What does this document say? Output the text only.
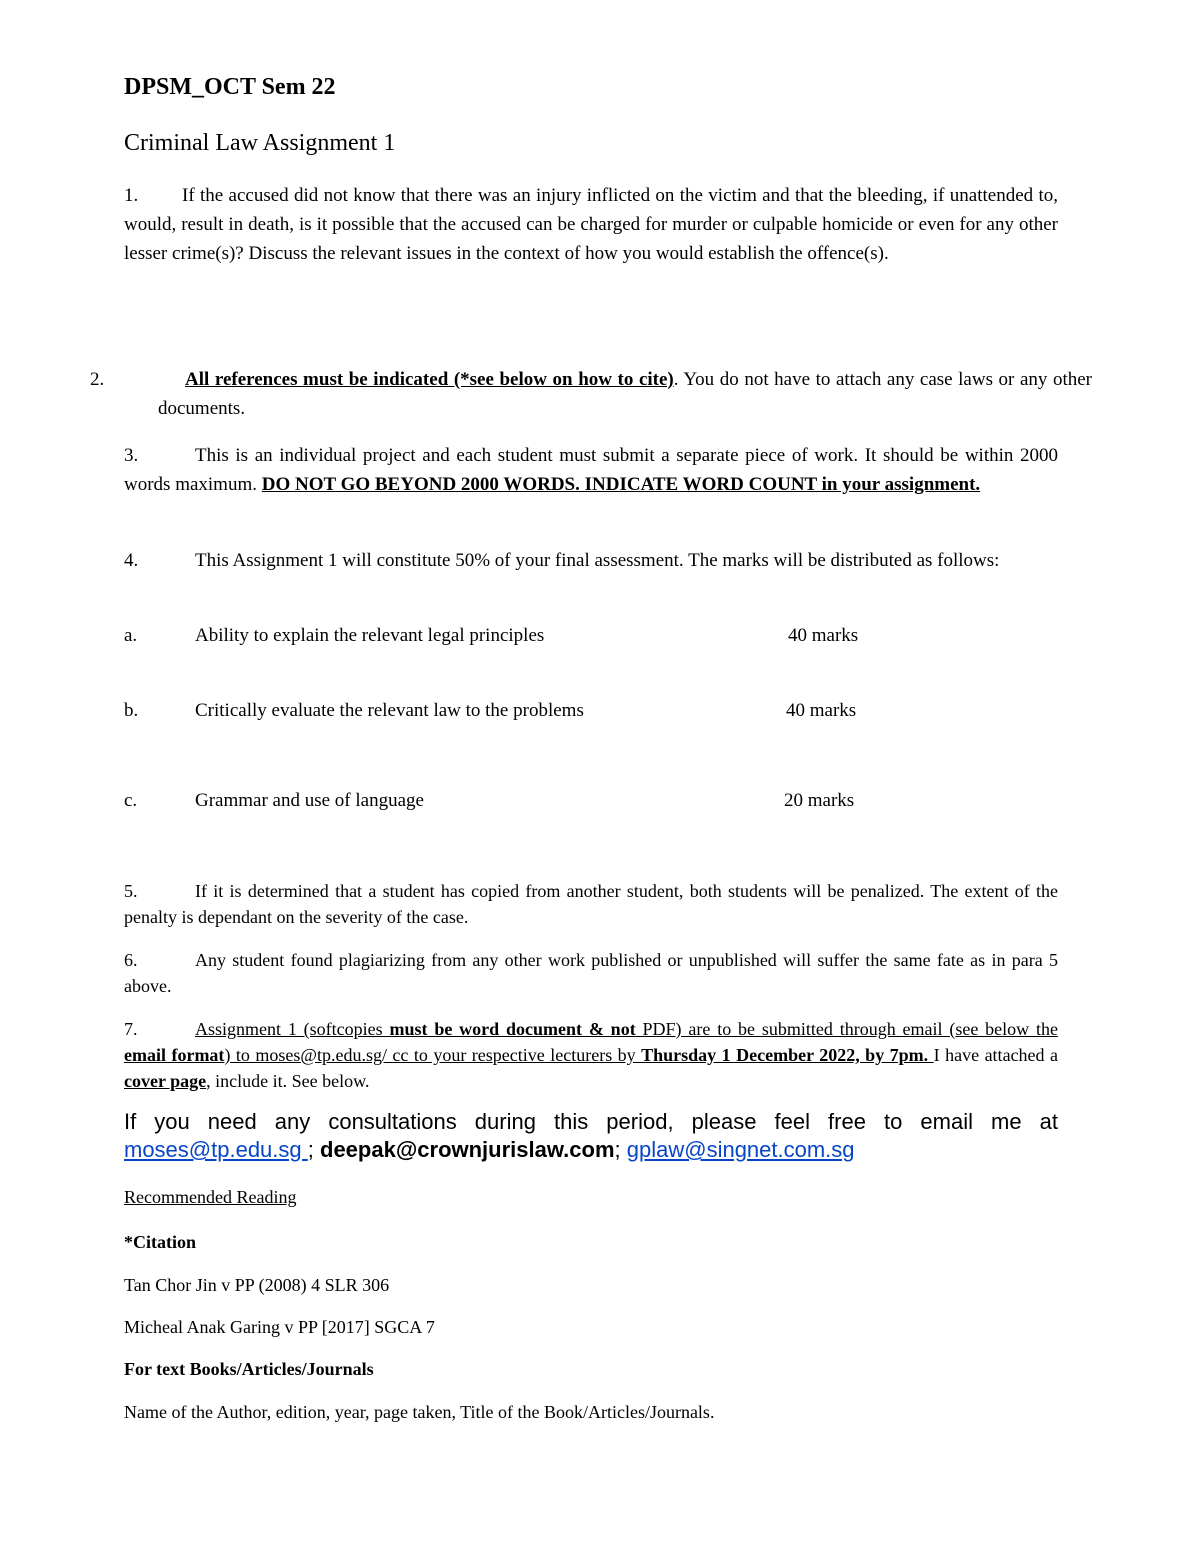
DPSM_OCT Sem 22
Criminal Law Assignment 1
1. If the accused did not know that there was an injury inflicted on the victim and that the bleeding, if unattended to, would, result in death, is it possible that the accused can be charged for murder or culpable homicide or even for any other lesser crime(s)? Discuss the relevant issues in the context of how you would establish the offence(s).
2.	All references must be indicated (*see below on how to cite). You do not have to attach any case laws or any other documents.
3.	This is an individual project and each student must submit a separate piece of work. It should be within 2000 words maximum. DO NOT GO BEYOND 2000 WORDS. INDICATE WORD COUNT in your assignment.
4.	This Assignment 1 will constitute 50% of your final assessment. The marks will be distributed as follows:
a.	Ability to explain the relevant legal principles	40 marks
b.	Critically evaluate the relevant law to the problems	40 marks
c.	Grammar and use of language	20 marks
5.	If it is determined that a student has copied from another student, both students will be penalized. The extent of the penalty is dependant on the severity of the case.
6.	Any student found plagiarizing from any other work published or unpublished will suffer the same fate as in para 5 above.
7.	Assignment 1 (softcopies must be word document & not PDF) are to be submitted through email (see below the email format) to moses@tp.edu.sg/ cc to your respective lecturers by Thursday 1 December 2022, by 7pm. I have attached a cover page, include it. See below.
If you need any consultations during this period, please feel free to email me at moses@tp.edu.sg ; deepak@crownjurislaw.com; gplaw@singnet.com.sg
Recommended Reading
*Citation
Tan Chor Jin v PP (2008) 4 SLR 306
Micheal Anak Garing v PP [2017] SGCA 7
For text Books/Articles/Journals
Name of the Author, edition, year, page taken, Title of the Book/Articles/Journals.
